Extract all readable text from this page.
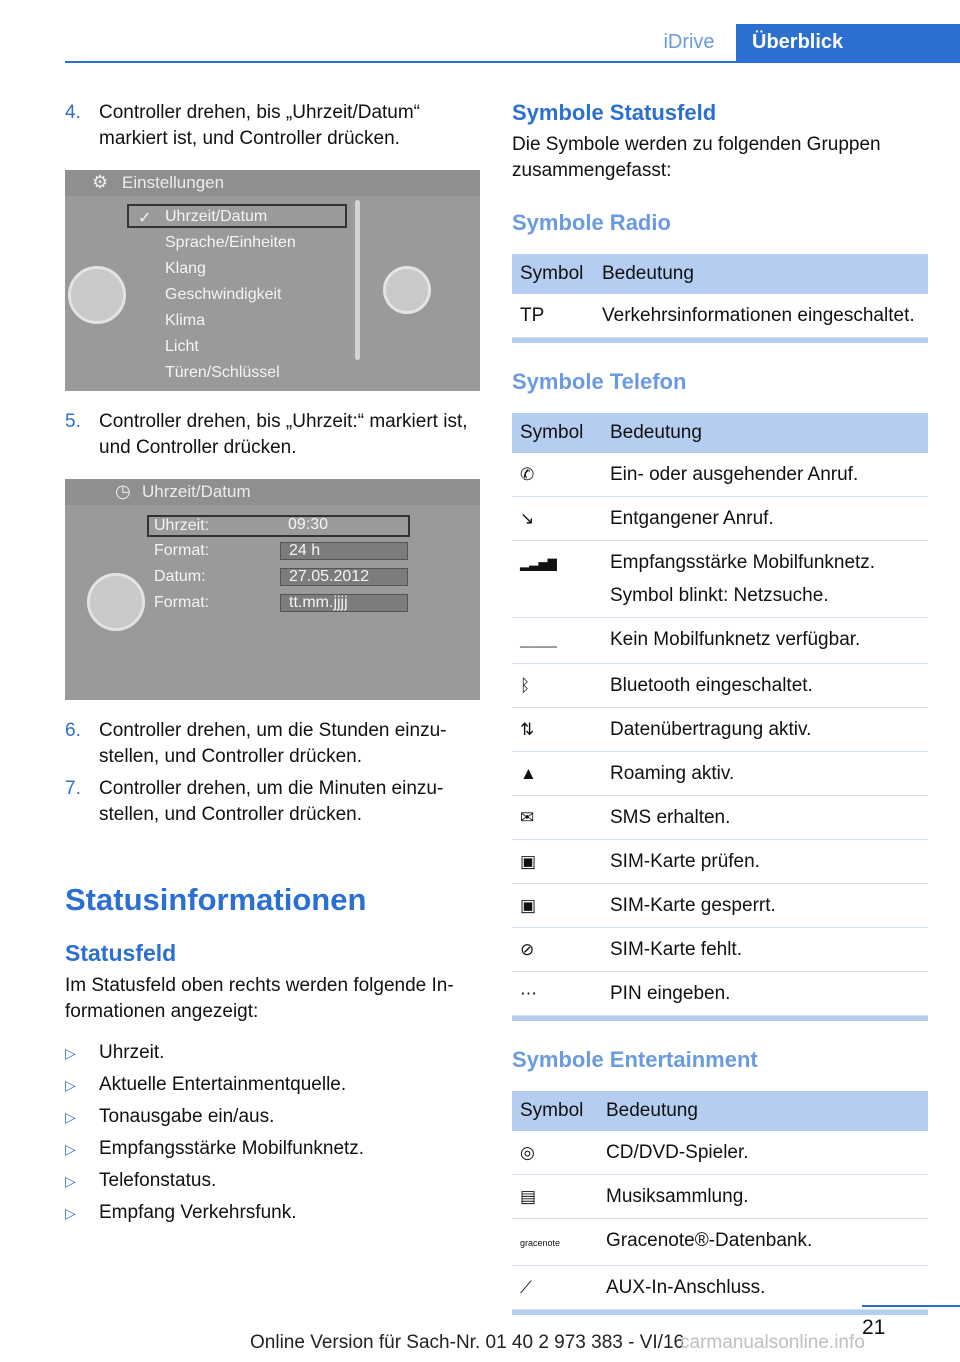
iDrive	Überblick
4. Controller drehen, bis „Uhrzeit/Datum“ markiert ist, und Controller drücken.
⚙ Einstellungen
✓ Uhrzeit/Datum
Sprache/Einheiten
Klang
Geschwindigkeit
Klima
Licht
Türen/Schlüssel
5. Controller drehen, bis „Uhrzeit:“ markiert ist, und Controller drücken.
◷ Uhrzeit/Datum
Uhrzeit:	09:30
Format:	24 h
Datum:	27.05.2012
Format:	tt.mm.jjjj
6. Controller drehen, um die Stunden einzustellen, und Controller drücken.
7. Controller drehen, um die Minuten einzustellen, und Controller drücken.
Statusinformationen
Statusfeld

Im Statusfeld oben rechts werden folgende Informationen angezeigt:

▷	Uhrzeit.
▷	Aktuelle Entertainmentquelle.
▷	Tonausgabe ein/aus.
▷	Empfangsstärke Mobilfunknetz.
▷	Telefonstatus.
▷	Empfang Verkehrsfunk.
Symbole Statusfeld

Die Symbole werden zu folgenden Gruppen zusammengefasst:

Symbole Radio
Symbol	Bedeutung
TP	Verkehrsinformationen eingeschaltet.
Symbole Telefon
Symbol	Bedeutung
✆	Ein- oder ausgehender Anruf.
↘	Entgangener Anruf.
▂▃▅▇	Empfangsstärke Mobilfunknetz.
Symbol blinkt: Netzsuche.

▁▁▁▁	Kein Mobilfunknetz verfügbar.
ᛒ	Bluetooth eingeschaltet.
⇅	Datenübertragung aktiv.
▲	Roaming aktiv.
✉	SMS erhalten.
▣	SIM-Karte prüfen.
▣	SIM-Karte gesperrt.
⊘	SIM-Karte fehlt.
⋯	PIN eingeben.
Symbole Entertainment
Symbol	Bedeutung
◎	CD/DVD-Spieler.
▤	Musiksammlung.
gracenote	Gracenote®-Datenbank.
⟋	AUX-In-Anschluss.
21
Online Version für Sach-Nr. 01 40 2 973 383 - VI/16
carmanualsonline.info
